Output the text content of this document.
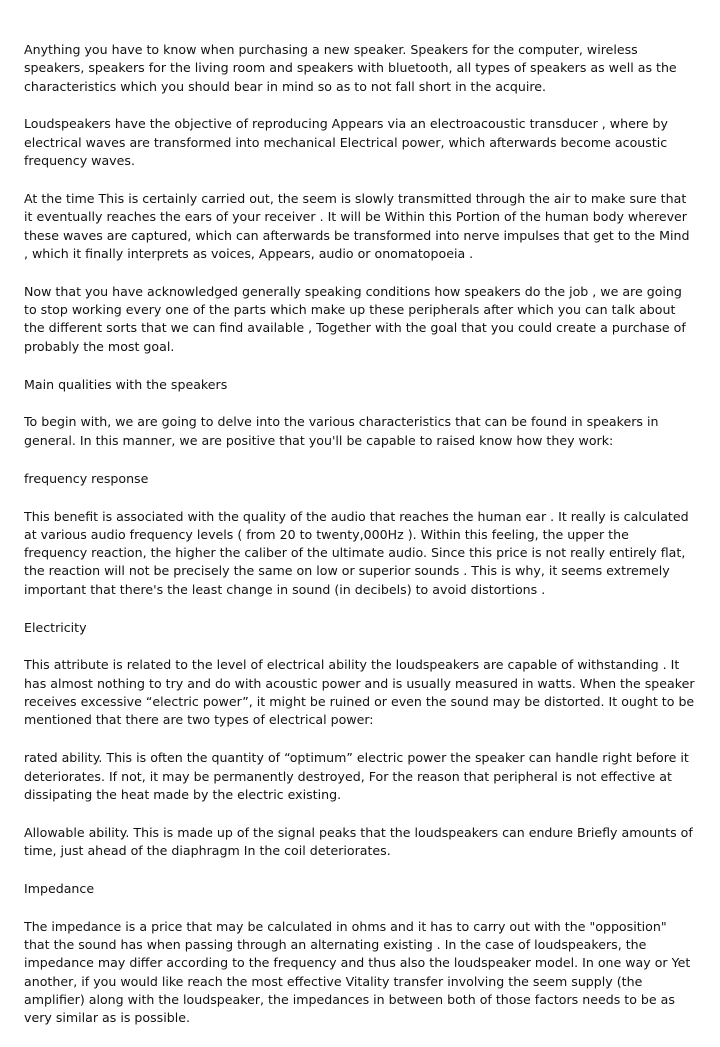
Anything you have to know when purchasing a new speaker. Speakers for the computer, wireless speakers, speakers for the living room and speakers with bluetooth, all types of speakers as well as the characteristics which you should bear in mind so as to not fall short in the acquire.

Loudspeakers have the objective of reproducing Appears via an electroacoustic transducer , where by electrical waves are transformed into mechanical Electrical power, which afterwards become acoustic frequency waves.

At the time This is certainly carried out, the seem is slowly transmitted through the air to make sure that it eventually reaches the ears of your receiver . It will be Within this Portion of the human body wherever these waves are captured, which can afterwards be transformed into nerve impulses that get to the Mind , which it finally interprets as voices, Appears, audio or onomatopoeia .

Now that you have acknowledged generally speaking conditions how speakers do the job , we are going to stop working every one of the parts which make up these peripherals after which you can talk about the different sorts that we can find available , Together with the goal that you could create a purchase of probably the most goal.

Main qualities with the speakers

To begin with, we are going to delve into the various characteristics that can be found in speakers in general. In this manner, we are positive that you'll be capable to raised know how they work:

frequency response

This benefit is associated with the quality of the audio that reaches the human ear . It really is calculated at various audio frequency levels ( from 20 to twenty,000Hz ). Within this feeling, the upper the frequency reaction, the higher the caliber of the ultimate audio. Since this price is not really entirely flat, the reaction will not be precisely the same on low or superior sounds . This is why, it seems extremely important that there's the least change in sound (in decibels) to avoid distortions .

Electricity

This attribute is related to the level of electrical ability the loudspeakers are capable of withstanding . It has almost nothing to try and do with acoustic power and is usually measured in watts. When the speaker receives excessive “electric power”, it might be ruined or even the sound may be distorted. It ought to be mentioned that there are two types of electrical power:

rated ability. This is often the quantity of “optimum” electric power the speaker can handle right before it deteriorates. If not, it may be permanently destroyed, For the reason that peripheral is not effective at dissipating the heat made by the electric existing.

Allowable ability. This is made up of the signal peaks that the loudspeakers can endure Briefly amounts of time, just ahead of the diaphragm In the coil deteriorates.

Impedance

The impedance is a price that may be calculated in ohms and it has to carry out with the "opposition" that the sound has when passing through an alternating existing . In the case of loudspeakers, the impedance may differ according to the frequency and thus also the loudspeaker model. In one way or Yet another, if you would like reach the most effective Vitality transfer involving the seem supply (the amplifier) along with the loudspeaker, the impedances in between both of those factors needs to be as very similar as is possible.
